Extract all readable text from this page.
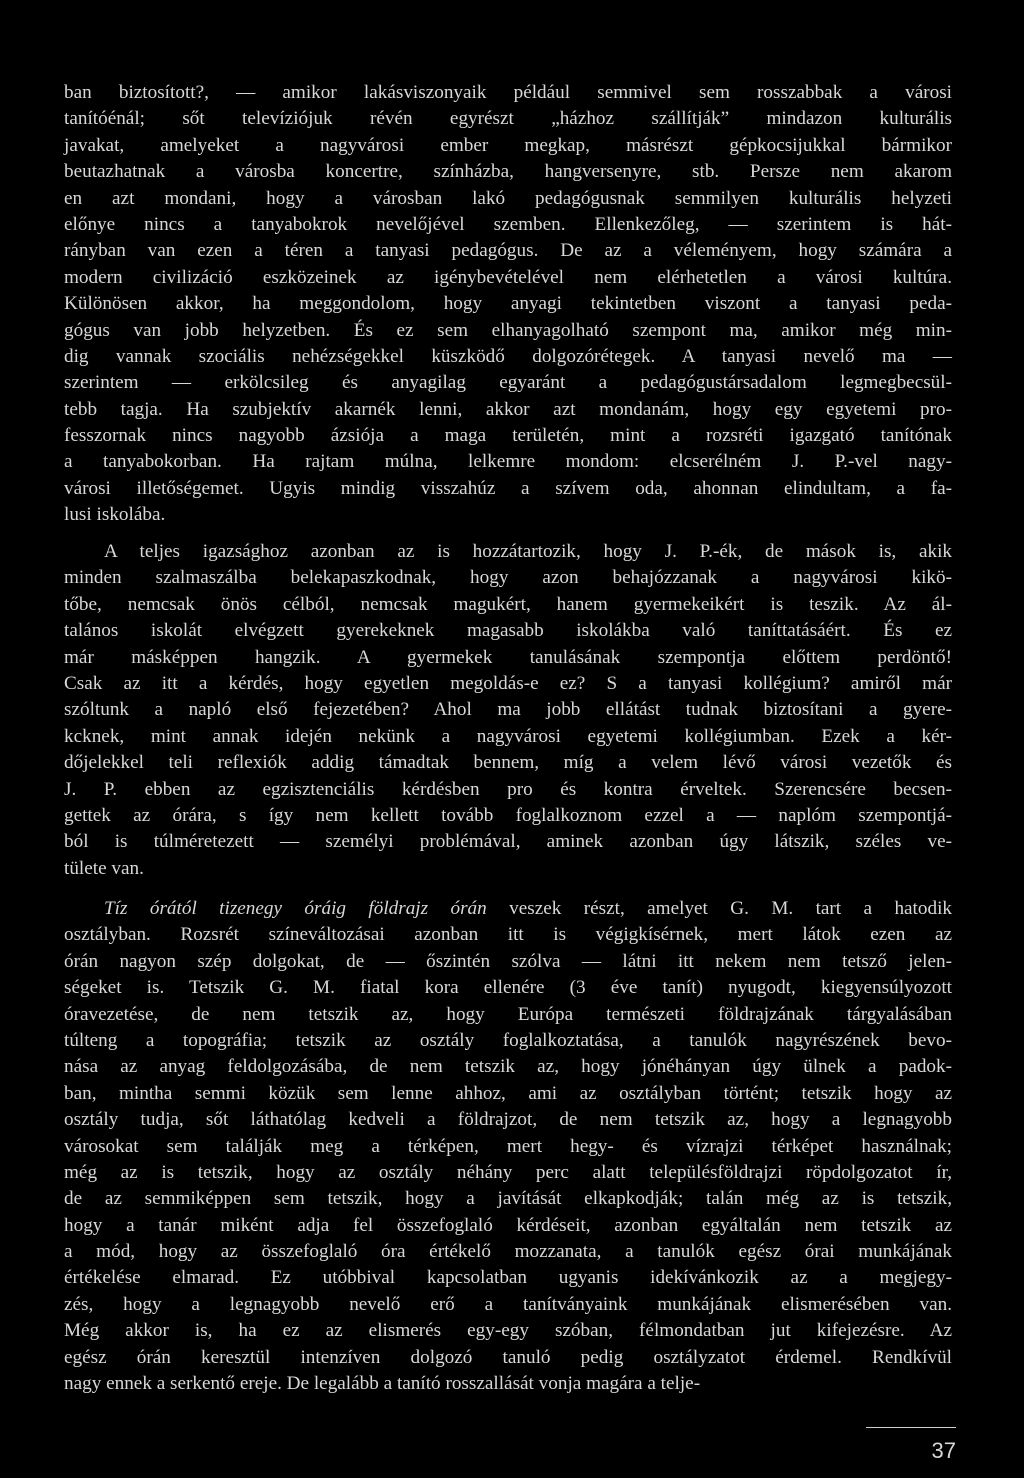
ban biztosított?, — amikor lakásviszonyaik például semmivel sem rosszabbak a városi
tanítóénál; sőt televíziójuk révén egyrészt „házhoz szállítják” mindazon kulturális
javakat, amelyeket a nagyvárosi ember megkap, másrészt gépkocsijukkal bármikor
beutazhatnak a városba koncertre, színházba, hangversenyre, stb. Persze nem akarom
en azt mondani, hogy a városban lakó pedagógusnak semmilyen kulturális helyzeti
előnye nincs a tanyabokrok nevelőjével szemben. Ellenkezőleg, — szerintem is hát-
rányban van ezen a téren a tanyasi pedagógus. De az a véleményem, hogy számára a
modern civilizáció eszközeinek az igénybevételével nem elérhetetlen a városi kultúra.
Különösen akkor, ha meggondolom, hogy anyagi tekintetben viszont a tanyasi peda-
gógus van jobb helyzetben. És ez sem elhanyagolható szempont ma, amikor még min-
dig vannak szociális nehézségekkel küszködő dolgozórétegek. A tanyasi nevelő ma —
szerintem — erkölcsileg és anyagilag egyaránt a pedagógustársadalom legmegbecsül-
tebb tagja. Ha szubjektív akarnék lenni, akkor azt mondanám, hogy egy egyetemi pro-
fesszornak nincs nagyobb ázsiója a maga területén, mint a rozsréti igazgató tanítónak
a tanyabokorban. Ha rajtam múlna, lelkemre mondom: elcserélném J. P.-vel nagy-
városi illetőségemet. Ugyis mindig visszahúz a szívem oda, ahonnan elindultam, a fa-
lusi iskolába.
A teljes igazsághoz azonban az is hozzátartozik, hogy J. P.-ék, de mások is, akik
minden szalmaszálba belekapaszkodnak, hogy azon behajózzanak a nagyvárosi kikö-
tőbe, nemcsak önös célból, nemcsak magukért, hanem gyermekeikért is teszik. Az ál-
talános iskolát elvégzett gyerekeknek magasabb iskolákba való taníttatásáért. És ez
már másképpen hangzik. A gyermekek tanulásának szempontja előttem perdöntő!
Csak az itt a kérdés, hogy egyetlen megoldás-e ez? S a tanyasi kollégium? amiről már
szóltunk a napló első fejezetében? Ahol ma jobb ellátást tudnak biztosítani a gyere-
kcknek, mint annak idején nekünk a nagyvárosi egyetemi kollégiumban. Ezek a kér-
dőjelekkel teli reflexiók addig támadtak bennem, míg a velem lévő városi vezetők és
J. P. ebben az egzisztenciális kérdésben pro és kontra érveltek. Szerencsére becsen-
gettek az órára, s így nem kellett tovább foglalkoznom ezzel a — naplóm szempontjá-
ból is túlméretezett — személyi problémával, aminek azonban úgy látszik, széles ve-
tülete van.
Tíz órától tizenegy óráig földrajz órán veszek részt, amelyet G. M. tart a hatodik
osztályban. Rozsrét színeváltozásai azonban itt is végigkísérnek, mert látok ezen az
órán nagyon szép dolgokat, de — őszintén szólva — látni itt nekem nem tetsző jelen-
ségeket is. Tetszik G. M. fiatal kora ellenére (3 éve tanít) nyugodt, kiegyensúlyozott
óravezetése, de nem tetszik az, hogy Európa természeti földrajzának tárgyalásában
túlteng a topográfia; tetszik az osztály foglalkoztatása, a tanulók nagyrészének bevo-
nása az anyag feldolgozásába, de nem tetszik az, hogy jónéhányan úgy ülnek a padok-
ban, mintha semmi közük sem lenne ahhoz, ami az osztályban történt; tetszik hogy az
osztály tudja, sőt láthatólag kedveli a földrajzot, de nem tetszik az, hogy a legnagyobb
városokat sem találják meg a térképen, mert hegy- és vízrajzi térképet használnak;
még az is tetszik, hogy az osztály néhány perc alatt településföldrajzi röpdolgozatot ír,
de az semmiképpen sem tetszik, hogy a javítását elkapkodják; talán még az is tetszik,
hogy a tanár miként adja fel összefoglaló kérdéseit, azonban egyáltalán nem tetszik az
a mód, hogy az összefoglaló óra értékelő mozzanata, a tanulók egész órai munkájának
értékelése elmarad. Ez utóbbival kapcsolatban ugyanis idekívánkozik az a megjegy-
zés, hogy a legnagyobb nevelő erő a tanítványaink munkájának elismerésében van.
Még akkor is, ha ez az elismerés egy-egy szóban, félmondatban jut kifejezésre. Az
egész órán keresztül intenzíven dolgozó tanuló pedig osztályzatot érdemel. Rendkívül
nagy ennek a serkentő ereje. De legalább a tanító rosszallását vonja magára a telje-
37
